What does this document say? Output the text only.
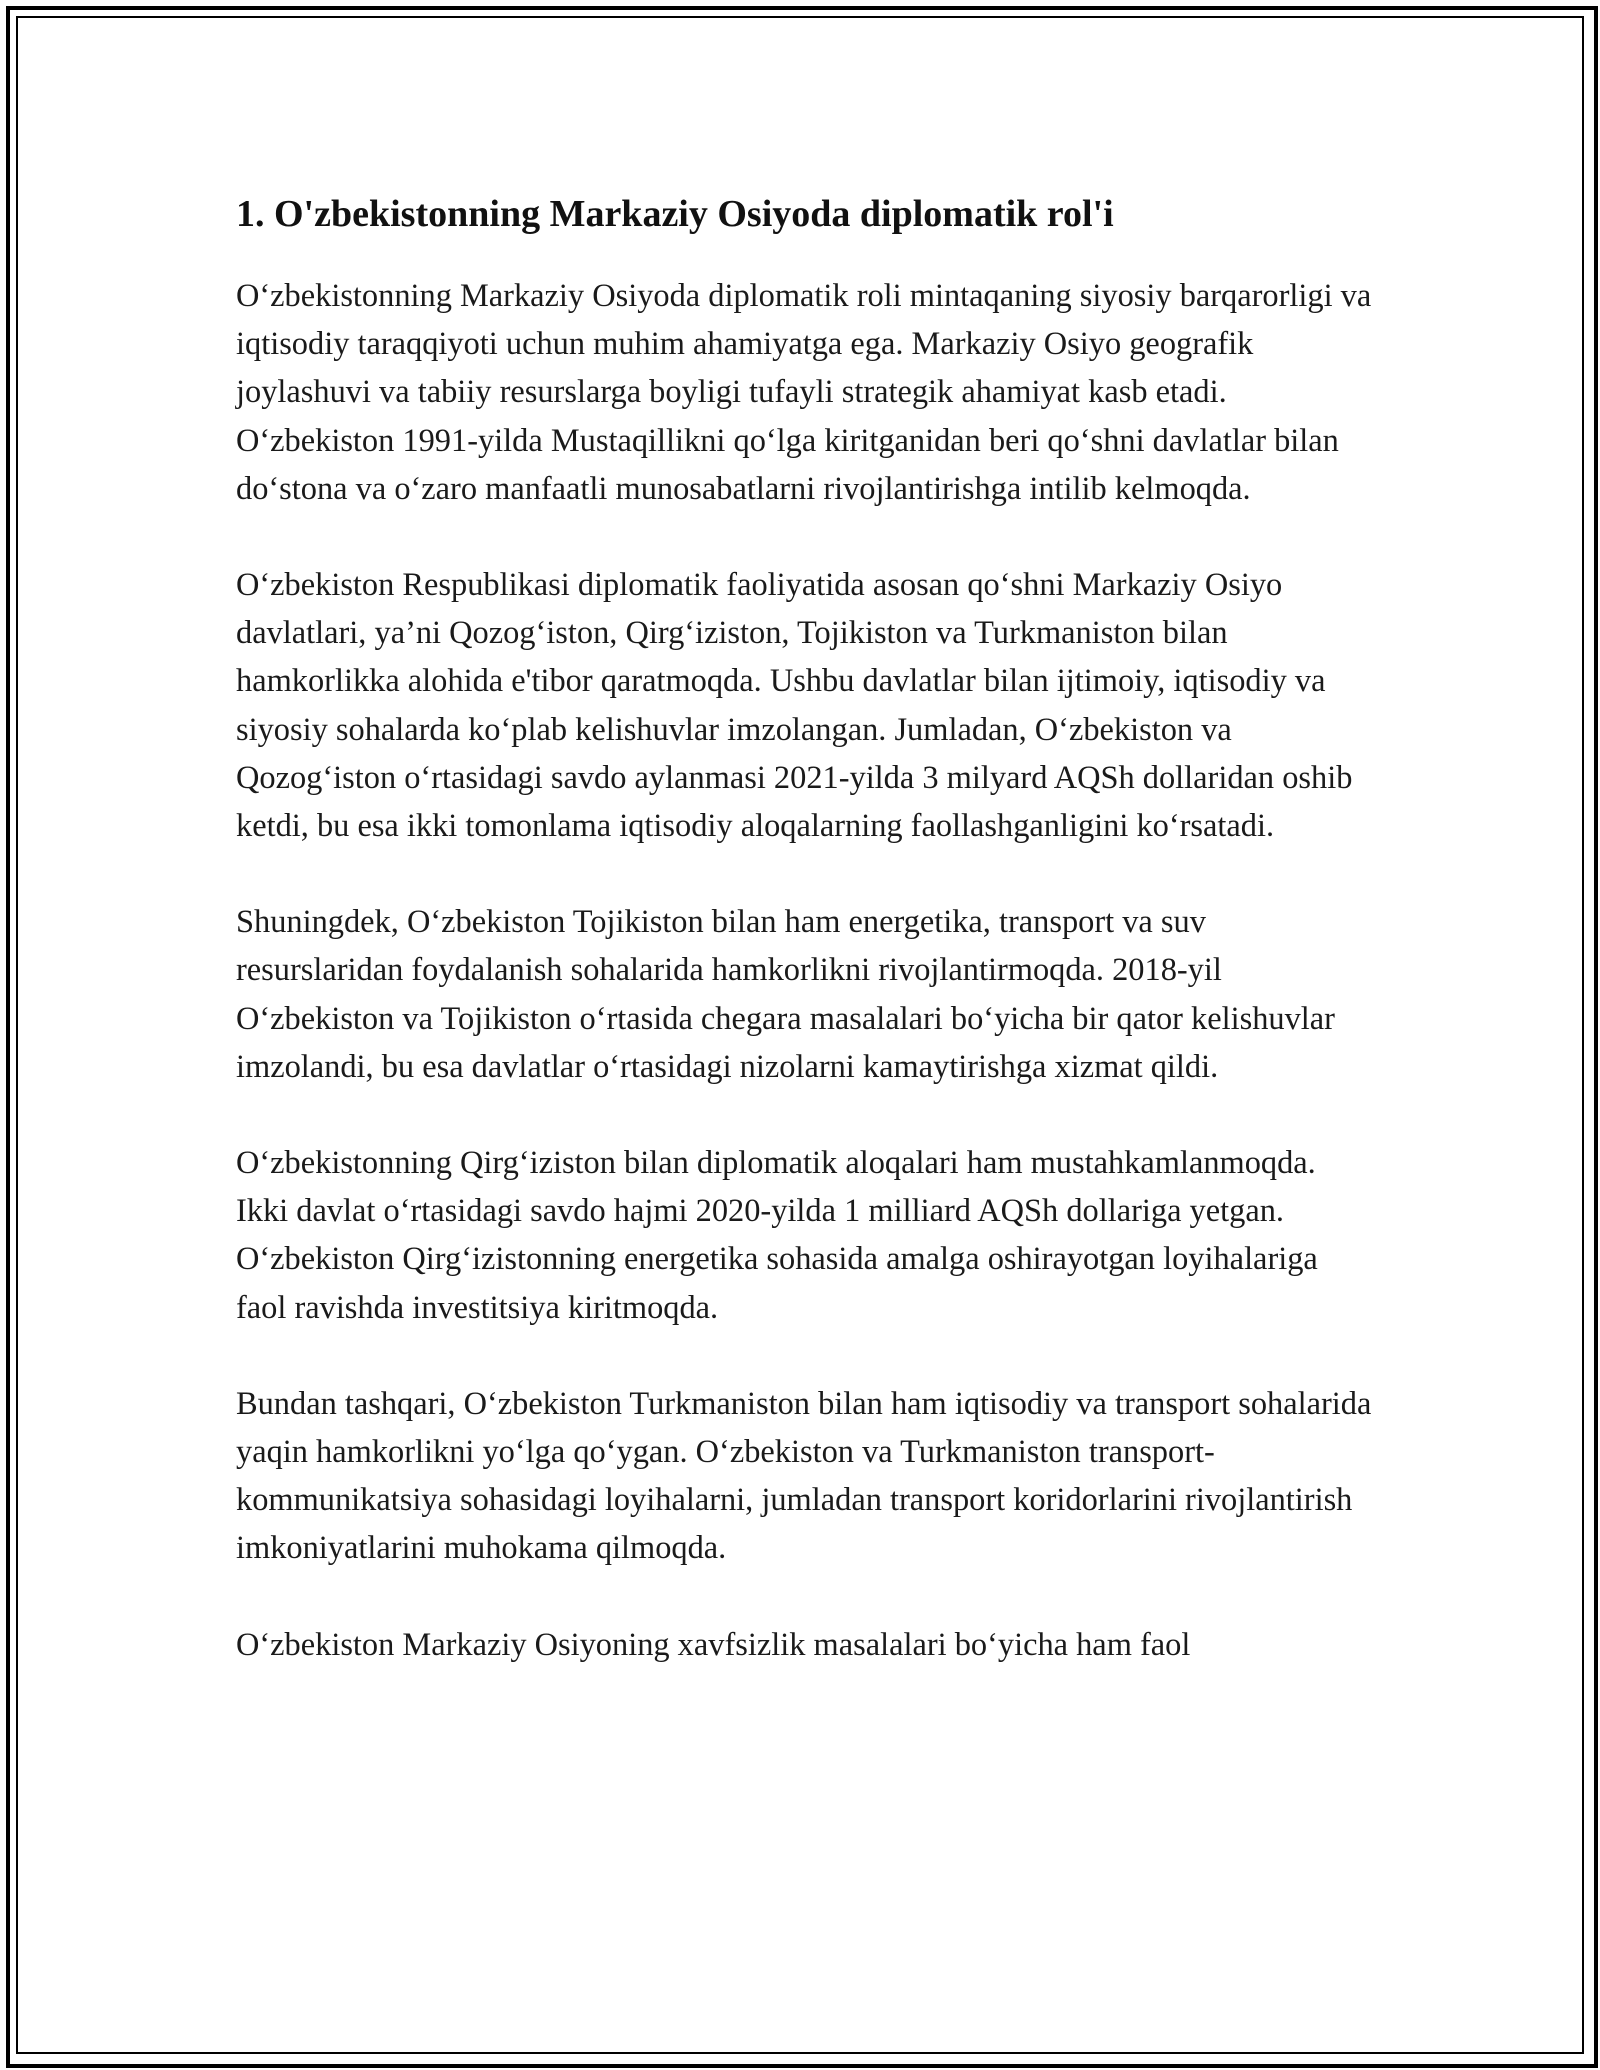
1. O'zbekistonning Markaziy Osiyoda diplomatik rol'i

O‘zbekistonning Markaziy Osiyoda diplomatik roli mintaqaning siyosiy barqarorligi va iqtisodiy taraqqiyoti uchun muhim ahamiyatga ega. Markaziy Osiyo geografik joylashuvi va tabiiy resurslarga boyligi tufayli strategik ahamiyat kasb etadi. O‘zbekiston 1991-yilda Mustaqillikni qo‘lga kiritganidan beri qo‘shni davlatlar bilan do‘stona va o‘zaro manfaatli munosabatlarni rivojlantirishga intilib kelmoqda.

O‘zbekiston Respublikasi diplomatik faoliyatida asosan qo‘shni Markaziy Osiyo davlatlari, ya’ni Qozog‘iston, Qirg‘iziston, Tojikiston va Turkmaniston bilan hamkorlikka alohida e'tibor qaratmoqda. Ushbu davlatlar bilan ijtimoiy, iqtisodiy va siyosiy sohalarda ko‘plab kelishuvlar imzolangan. Jumladan, O‘zbekiston va Qozog‘iston o‘rtasidagi savdo aylanmasi 2021-yilda 3 milyard AQSh dollaridan oshib ketdi, bu esa ikki tomonlama iqtisodiy aloqalarning faollashganligini ko‘rsatadi.

Shuningdek, O‘zbekiston Tojikiston bilan ham energetika, transport va suv resurslaridan foydalanish sohalarida hamkorlikni rivojlantirmoqda. 2018-yil O‘zbekiston va Tojikiston o‘rtasida chegara masalalari bo‘yicha bir qator kelishuvlar imzolandi, bu esa davlatlar o‘rtasidagi nizolarni kamaytirishga xizmat qildi.

O‘zbekistonning Qirg‘iziston bilan diplomatik aloqalari ham mustahkamlanmoqda. Ikki davlat o‘rtasidagi savdo hajmi 2020-yilda 1 milliard AQSh dollariga yetgan. O‘zbekiston Qirg‘izistonning energetika sohasida amalga oshirayotgan loyihalariga faol ravishda investitsiya kiritmoqda.

Bundan tashqari, O‘zbekiston Turkmaniston bilan ham iqtisodiy va transport sohalarida yaqin hamkorlikni yo‘lga qo‘ygan. O‘zbekiston va Turkmaniston transport-kommunikatsiya sohasidagi loyihalarni, jumladan transport koridorlarini rivojlantirish imkoniyatlarini muhokama qilmoqda.

O‘zbekiston Markaziy Osiyoning xavfsizlik masalalari bo‘yicha ham faol
